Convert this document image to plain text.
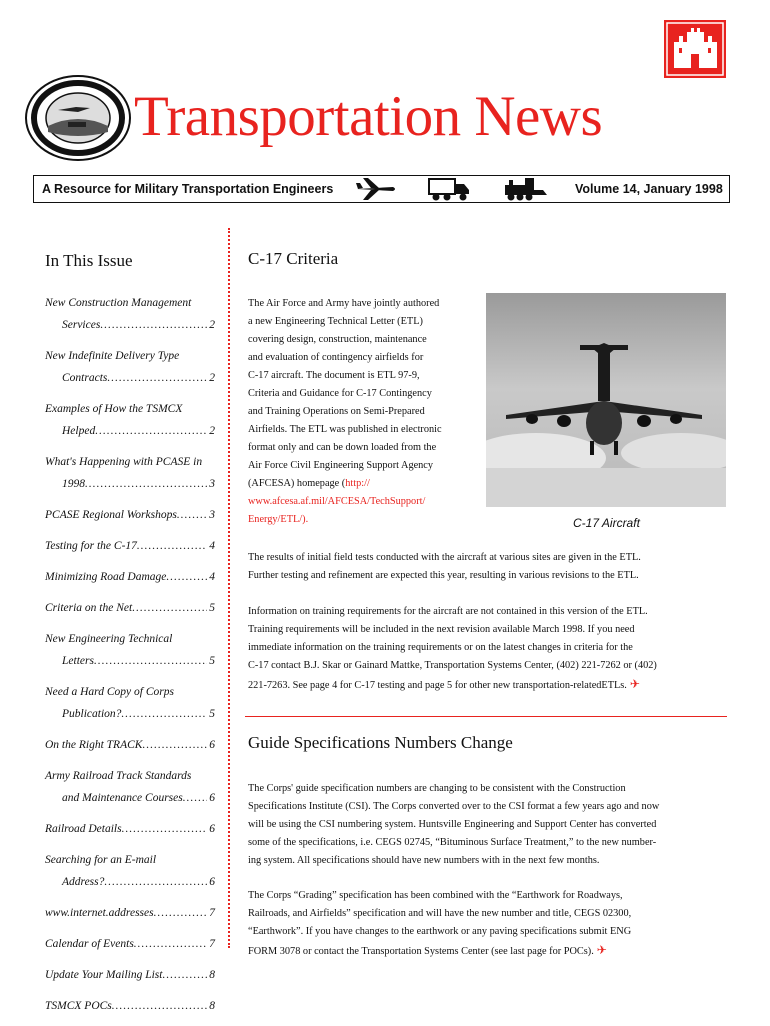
Transportation News
A Resource for Military Transportation Engineers	Volume 14, January 1998
In This Issue
New Construction Management
Services .....	2
New Indefinite Delivery Type
Contracts .....	2
Examples of How the TSMCX
Helped .....	2
What's Happening with PCASE in
1998 .....	3
PCASE Regional Workshops .....	3
Testing for the C-17 .....	4
Minimizing Road Damage .....	4
Criteria on the Net .....	5
New Engineering Technical
Letters .....	5
Need a Hard Copy of Corps
Publication? .....	5
On the Right TRACK .....	6
Army Railroad Track Standards
and Maintenance Courses ..... 6
Railroad Details .....	6
Searching for an E-mail
Address? .....	6
www.internet.addresses .....	7
Calendar of Events .....	7
Update Your Mailing List .....	8
TSMCX POCs .....	8
C-17 Criteria
The Air Force and Army have jointly authored
a new Engineering Technical Letter (ETL)
covering design, construction, maintenance
and evaluation of contingency airfields for
C-17 aircraft. The document is ETL 97-9,
Criteria and Guidance for C-17 Contingency
and Training Operations on Semi-Prepared
Airfields. The ETL was published in electronic
format only and can be down loaded from the
Air Force Civil Engineering Support Agency
(AFCESA) homepage (http://
www.afcesa.af.mil/AFCESA/TechSupport/
Energy/ETL/).	C-17 Aircraft
The results of initial field tests conducted with the aircraft at various sites are given in the ETL.
Further testing and refinement are expected this year, resulting in various revisions to the ETL.
Information on training requirements for the aircraft are not contained in this version of the ETL.
Training requirements will be included in the next revision available March 1998. If you need
immediate information on the training requirements or on the latest changes in criteria for the
C-17 contact B.J. Skar or Gainard Mattke, Transportation Systems Center, (402) 221-7262 or (402)
221-7263. See page 4 for C-17 testing and page 5 for other new transportation-relatedETLs. ✈
Guide Specifications Numbers Change
The Corps' guide specification numbers are changing to be consistent with the Construction
Specifications Institute (CSI). The Corps converted over to the CSI format a few years ago and now
will be using the CSI numbering system. Huntsville Engineering and Support Center has converted
some of the specifications, i.e. CEGS 02745, “Bituminous Surface Treatment,” to the new number-
ing system. All specifications should have new numbers with in the next few months.
The Corps “Grading” specification has been combined with the “Earthwork for Roadways,
Railroads, and Airfields” specification and will have the new number and title, CEGS 02300,
“Earthwork”. If you have changes to the earthwork or any paving specifications submit ENG
FORM 3078 or contact the Transportation Systems Center (see last page for POCs). ✈
